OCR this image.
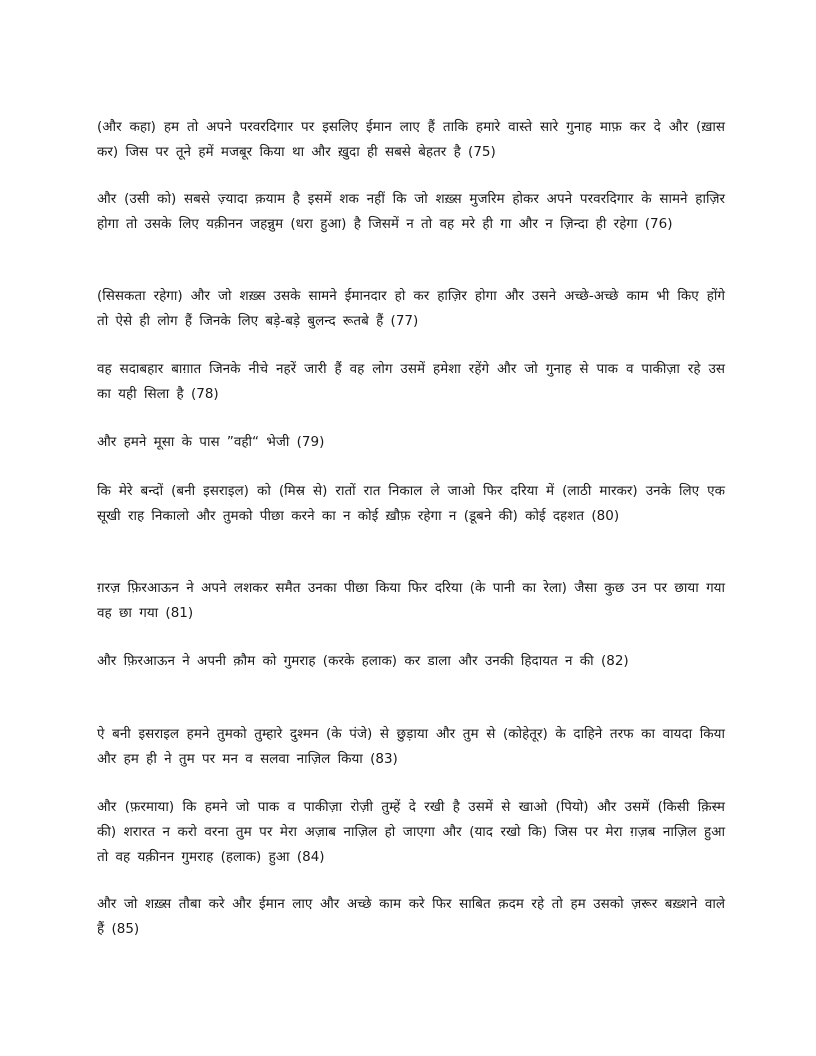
(और कहा) हम तो अपने परवरदिगार पर इसलिए ईमान लाए हैं ताकि हमारे वास्ते सारे गुनाह माफ़ कर दे और (ख़ास कर) जिस पर तूने हमें मजबूर किया था और ख़ुदा ही सबसे बेहतर है (75)

और (उसी को) सबसे ज़्यादा क़याम है इसमें शक नहीं कि जो शख़्स मुजरिम होकर अपने परवरदिगार के सामने हाज़िर होगा तो उसके लिए यक़ीनन जहन्नुम (धरा हुआ) है जिसमें न तो वह मरे ही गा और न ज़िन्दा ही रहेगा (76)

(सिसकता रहेगा) और जो शख़्स उसके सामने ईमानदार हो कर हाज़िर होगा और उसने अच्छे-अच्छे काम भी किए होंगे तो ऐसे ही लोग हैं जिनके लिए बड़े-बड़े बुलन्द रूतबे हैं (77)

वह सदाबहार बाग़ात जिनके नीचे नहरें जारी हैं वह लोग उसमें हमेशा रहेंगे और जो गुनाह से पाक व पाकीज़ा रहे उस का यही सिला है (78)

और हमने मूसा के पास ”वही“ भेजी (79)

कि मेरे बन्दों (बनी इसराइल) को (मिस्र से) रातों रात निकाल ले जाओ फिर दरिया में (लाठी मारकर) उनके लिए एक सूखी राह निकालो और तुमको पीछा करने का न कोई ख़ौफ़ रहेगा न (डूबने की) कोई दहशत (80)

ग़रज़ फ़िरआऊन ने अपने लशकर समैत उनका पीछा किया फिर दरिया (के पानी का रेला) जैसा कुछ उन पर छाया गया वह छा गया (81)

और फ़िरआऊन ने अपनी क़ौम को गुमराह (करके हलाक) कर डाला और उनकी हिदायत न की (82)

ऐ बनी इसराइल हमने तुमको तुम्हारे दुश्मन (के पंजे) से छुड़ाया और तुम से (कोहेतूर) के दाहिने तरफ का वायदा किया और हम ही ने तुम पर मन व सलवा नाज़िल किया (83)

और (फ़रमाया) कि हमने जो पाक व पाकीज़ा रोज़ी तुम्हें दे रखी है उसमें से खाओ (पियो) और उसमें (किसी क़िस्म की) शरारत न करो वरना तुम पर मेरा अज़ाब नाज़िल हो जाएगा और (याद रखो कि) जिस पर मेरा ग़ज़ब नाज़िल हुआ तो वह यक़ीनन गुमराह (हलाक) हुआ (84)

और जो शख़्स तौबा करे और ईमान लाए और अच्छे काम करे फिर साबित क़दम रहे तो हम उसको ज़रूर बख़्शने वाले हैं (85)
